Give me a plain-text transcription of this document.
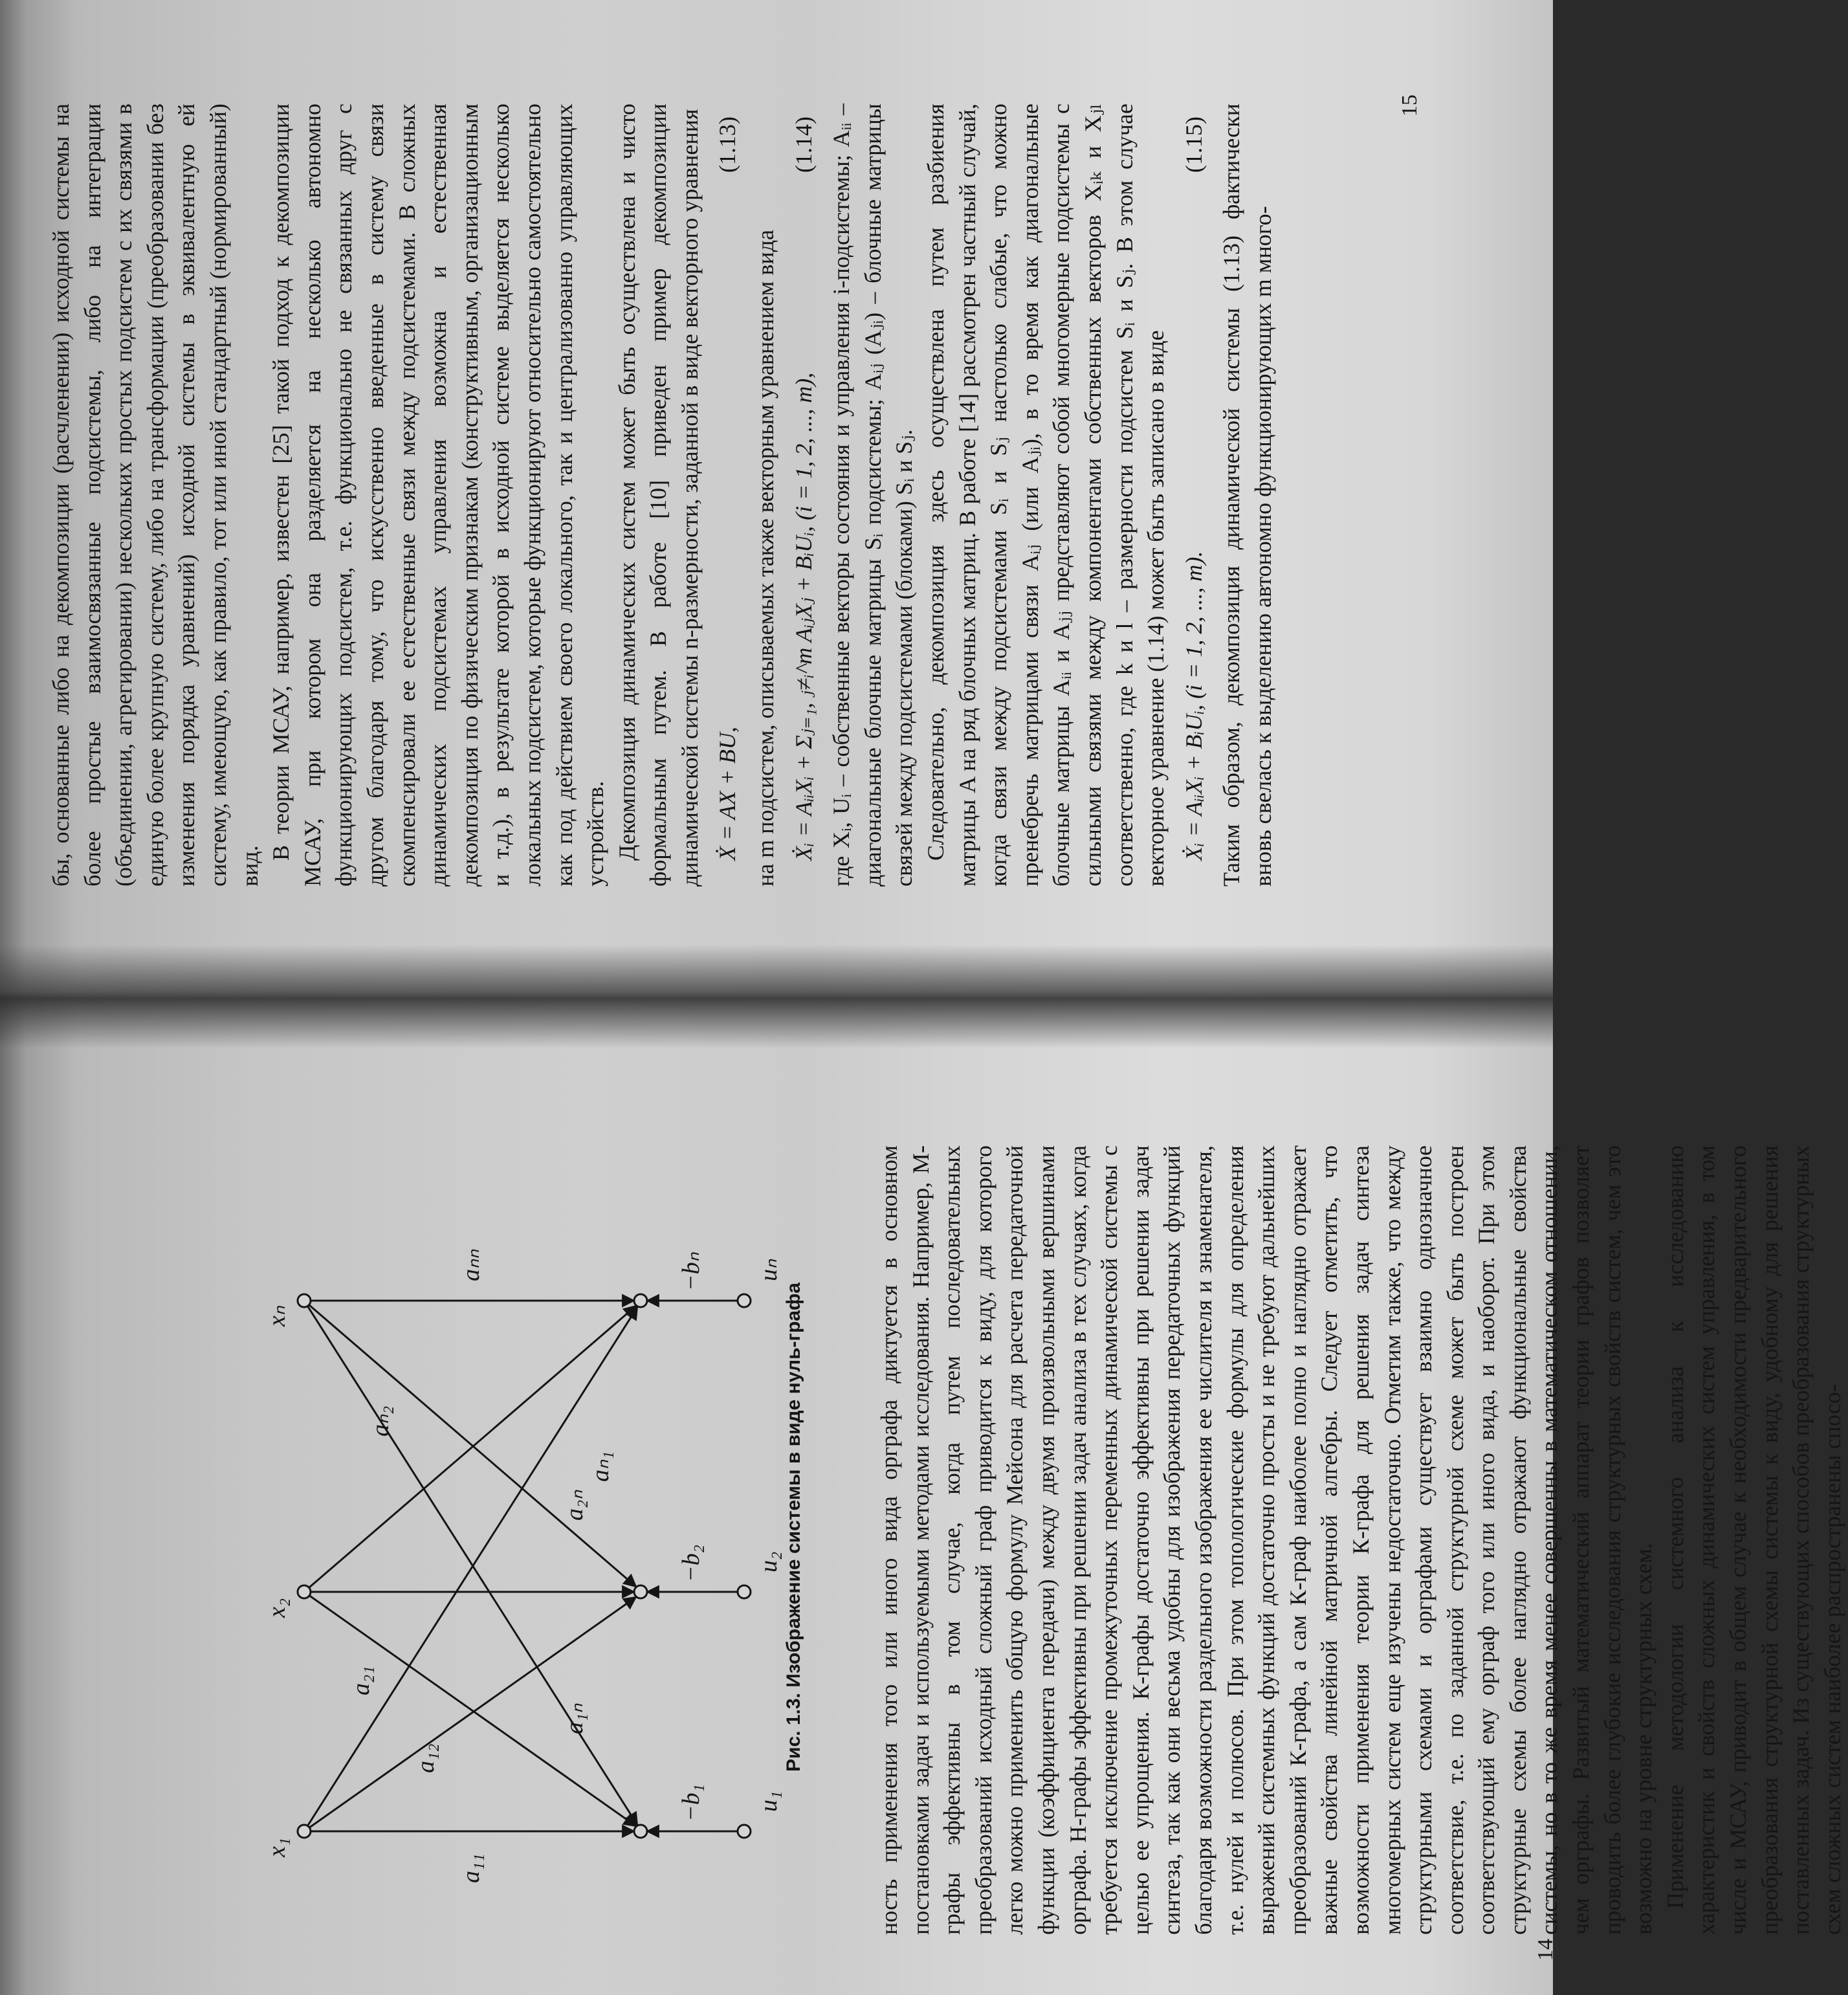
бы, основанные либо на декомпозиции (расчленении) исходной системы на более простые взаимосвязанные подсистемы, либо на интеграции (объединении, агрегировании) нескольких простых подсистем с их связями в единую более крупную систему, либо на трансформации (преобразовании без изменения порядка уравнений) исходной системы в эквивалентную ей систему, имеющую, как правило, тот или иной стандартный (нормированный) вид.

В теории МСАУ, например, известен [25] такой подход к декомпозиции МСАУ, при котором она разделяется на несколько автономно функционирующих подсистем, т.е. функционально не связанных друг с другом благодаря тому, что искусственно введенные в систему связи скомпенсировали ее естественные связи между подсистемами. В сложных динамических подсистемах управления возможна и естественная декомпозиция по физическим признакам (конструктивным, организационным и т.д.), в результате которой в исходной системе выделяется несколько локальных подсистем, которые функционируют относительно самостоятельно как под действием своего локального, так и централизованно управляющих устройств. Декомпозиция динамических систем может быть осуществлена и чисто формальным путем. В работе [10] приведен пример декомпозиции динамической системы n-размерности, заданной в виде векторного уравнения Ẋ = AX + BU,
(1.13)

на m подсистем, описываемых также векторным уравнением вида Ẋᵢ = AᵢᵢXᵢ + Σⱼ₌₁, ⱼ≠ᵢ^m AᵢⱼXⱼ + BᵢUᵢ, (i = 1, 2, ..., m),
(1.14) где Xᵢ, Uᵢ – собственные векторы состояния и управления i-подсистемы; Aᵢᵢ – диагональные блочные матрицы Sᵢ подсистемы; Aᵢⱼ (Aⱼᵢ) – блочные матрицы связей между подсистемами (блоками) Sᵢ и Sⱼ. Следовательно, декомпозиция здесь осуществлена путем разбиения матрицы A на ряд блочных матриц. В работе [14] рассмотрен частный случай, когда связи между подсистемами Sᵢ и Sⱼ настолько слабые, что можно пренебречь матрицами связи Aᵢⱼ (или Aⱼᵢ), в то время как диагональные блочные матрицы Aᵢᵢ и Aⱼⱼ представляют собой многомерные подсистемы с сильными связями между компонентами собственных векторов Xᵢₖ и Xⱼₗ соответственно, где k и l – размерности подсистем Sᵢ и Sⱼ. В этом случае векторное уравнение (1.14) может быть записано в виде Ẋᵢ = AᵢᵢXᵢ + BᵢUᵢ, (i = 1, 2, ..., m).
(1.15) Таким образом, декомпозиция динамической системы (1.13) фактически вновь свелась к выделению автономно функционирующих m много-

15
x₁
x₂
xₙ
u₁
u₂
uₙ
−b₁
−b₂
−bₙ
a₁₁
a₁₂
a₁ₙ
a₂₁
a₂ₙ
aₙ₂
aₙ₁
aₙₙ
Рис. 1.3. Изображение системы в виде нуль-графа	ность применения того или иного вида орграфа диктуется в основном постановками задач и используемыми методами исследования. Например, М-графы эффективны в том случае, когда путем последовательных преобразований исходный сложный граф приводится к виду, для которого легко можно применить общую формулу Мейсона для расчета передаточной функции (коэффициента передачи) между двумя произвольными вершинами орграфа. Н-графы эффективны при решении задач анализа в тех случаях, когда требуется исключение промежуточных переменных динамической системы с целью ее упрощения. К-графы достаточно эффективны при решении задач синтеза, так как они весьма удобны для изображения передаточных функций благодаря возможности раздельного изображения ее числителя и знаменателя, т.е. нулей и полюсов. При этом топологические формулы для определения выражений системных функций достаточно просты и не требуют дальнейших преобразований К-графа, а сам К-граф наиболее полно и наглядно отражает важные свойства линейной матричной алгебры. Следует отметить, что возможности применения теории К-графа для решения задач синтеза многомерных систем еще изучены недостаточно. Отметим также, что между структурными схемами и орграфами существует взаимно однозначное соответствие, т.е. по заданной структурной схеме может быть построен соответствующий ему орграф того или иного вида, и наоборот. При этом структурные схемы более наглядно отражают функциональные свойства системы, но в то же время менее совершенны в математическом отношении, чем орграфы. Развитый математический аппарат теории графов позволяет проводить более глубокие исследования структурных свойств систем, чем это возможно на уровне структурных схем. Применение методологии системного анализа к исследованию характеристик и свойств сложных динамических систем управления, в том числе и МСАУ, приводит в общем случае к необходимости предварительного преобразования структурной схемы системы к виду, удобному для решения поставленных задач. Из существующих способов преобразования структурных схем сложных систем наиболее распространены спосо-

14
